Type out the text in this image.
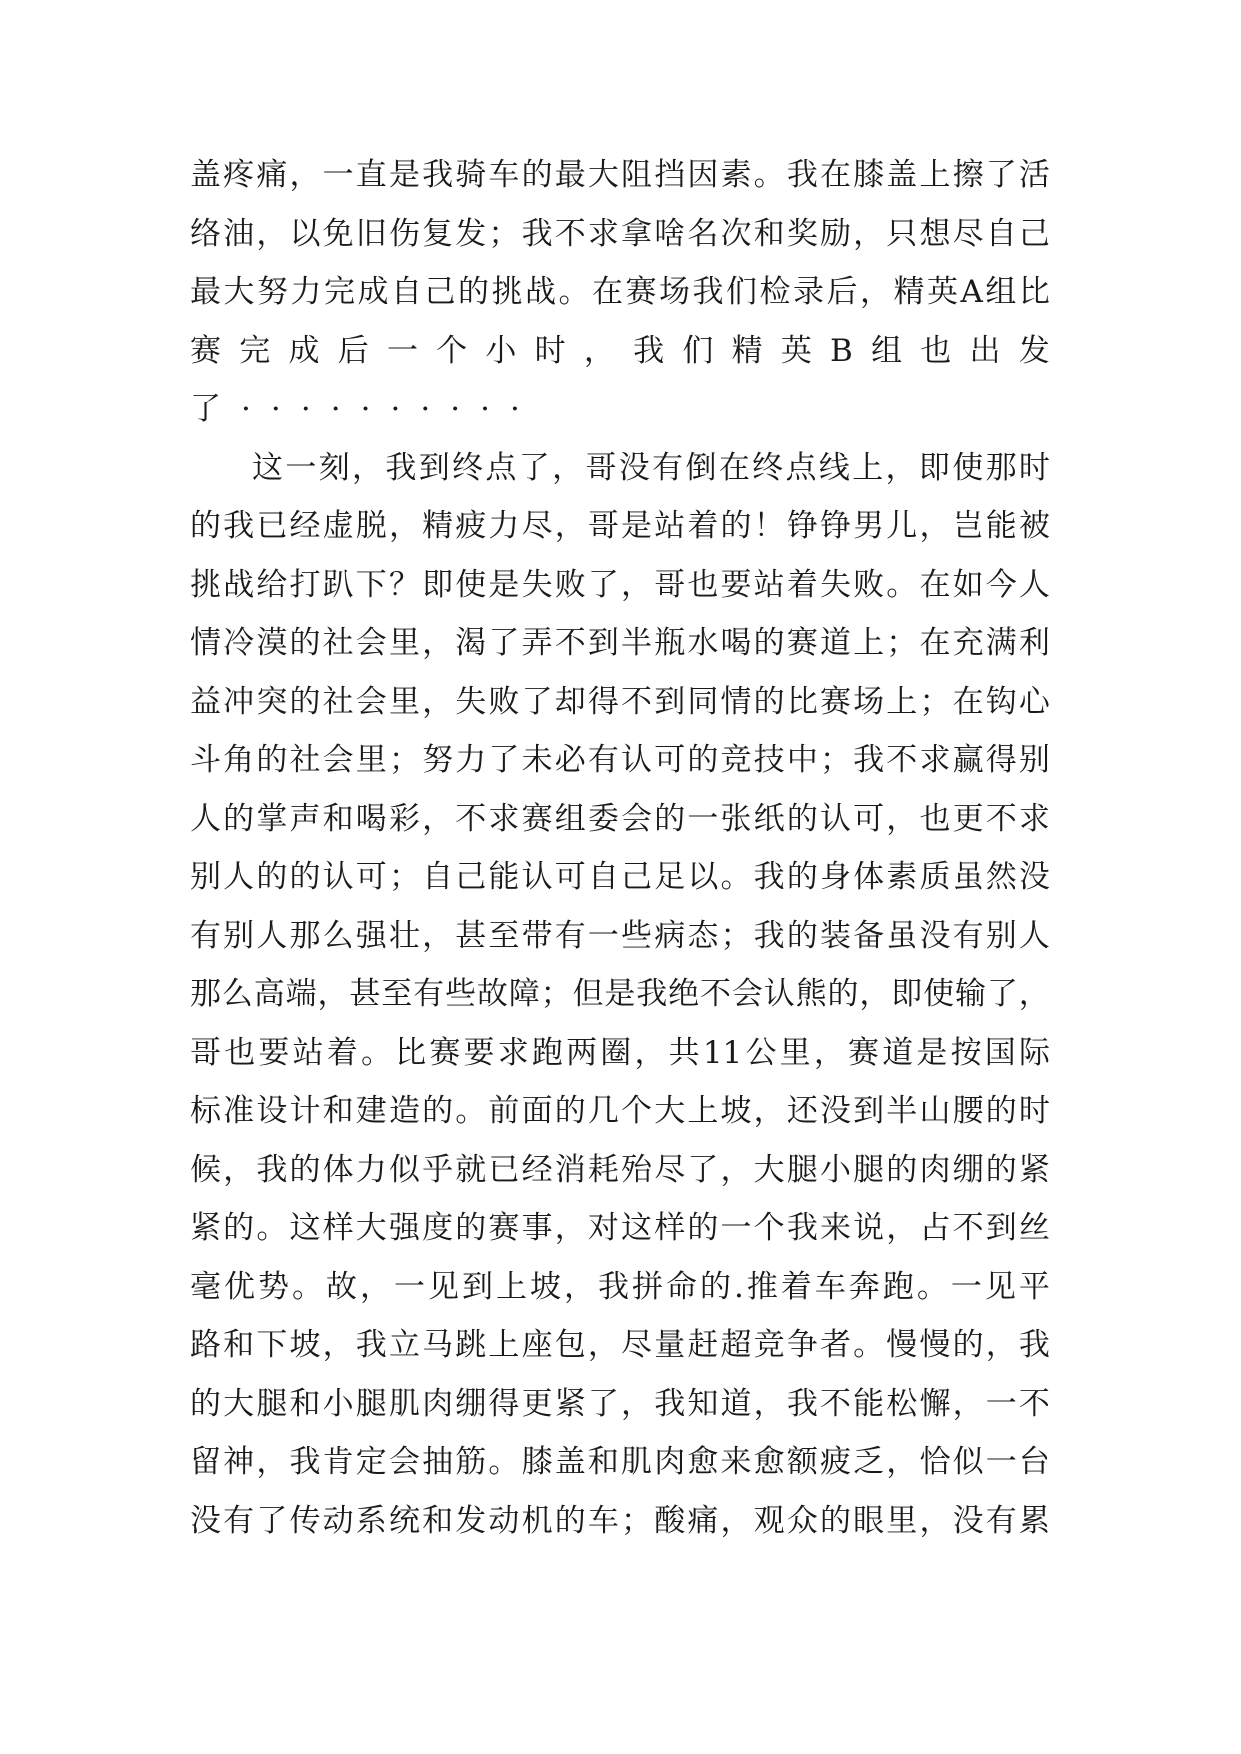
盖 疼 痛 ， 一 直 是 我 骑 车 的 最 大 阻 挡 因 素 。 我 在 膝 盖 上 擦 了 活
络 油 ， 以 免 旧 伤 复 发 ； 我 不 求 拿 啥 名 次 和 奖 励 ， 只 想 尽 自 己
最 大 努 力 完 成 自 己 的 挑 战 。 在 赛 场 我 们 检 录 后 ， 精 英 A 组 比
赛 完 成 后 一 个 小 时 ， 我 们 精 英 B 组 也 出 发
了 · · · · · · · · · ·
这 一 刻 ， 我 到 终 点 了 ， 哥 没 有 倒 在 终 点 线 上 ， 即 使 那 时
的 我 已 经 虚 脱 ， 精 疲 力 尽 ， 哥 是 站 着 的 ！ 铮 铮 男 儿 ， 岂 能 被
挑 战 给 打 趴 下 ？ 即 使 是 失 败 了 ， 哥 也 要 站 着 失 败 。 在 如 今 人
情 冷 漠 的 社 会 里 ， 渴 了 弄 不 到 半 瓶 水 喝 的 赛 道 上 ； 在 充 满 利
益 冲 突 的 社 会 里 ， 失 败 了 却 得 不 到 同 情 的 比 赛 场 上 ； 在 钩 心
斗 角 的 社 会 里 ； 努 力 了 未 必 有 认 可 的 竞 技 中 ； 我 不 求 赢 得 别
人 的 掌 声 和 喝 彩 ， 不 求 赛 组 委 会 的 一 张 纸 的 认 可 ， 也 更 不 求
别 人 的 的 认 可 ； 自 己 能 认 可 自 己 足 以 。 我 的 身 体 素 质 虽 然 没
有 别 人 那 么 强 壮 ， 甚 至 带 有 一 些 病 态 ； 我 的 装 备 虽 没 有 别 人
那 么 高 端 ， 甚 至 有 些 故 障 ； 但 是 我 绝 不 会 认 熊 的 ， 即 使 输 了 ，
哥 也 要 站 着 。 比 赛 要 求 跑 两 圈 ， 共 11 公 里 ， 赛 道 是 按 国 际
标 准 设 计 和 建 造 的 。 前 面 的 几 个 大 上 坡 ， 还 没 到 半 山 腰 的 时
候 ， 我 的 体 力 似 乎 就 已 经 消 耗 殆 尽 了 ， 大 腿 小 腿 的 肉 绷 的 紧
紧 的 。 这 样 大 强 度 的 赛 事 ， 对 这 样 的 一 个 我 来 说 ， 占 不 到 丝
毫 优 势 。 故 ， 一 见 到 上 坡 ， 我 拼 命 的 . 推 着 车 奔 跑 。 一 见 平
路 和 下 坡 ， 我 立 马 跳 上 座 包 ， 尽 量 赶 超 竞 争 者 。 慢 慢 的 ， 我
的 大 腿 和 小 腿 肌 肉 绷 得 更 紧 了 ， 我 知 道 ， 我 不 能 松 懈 ， 一 不
留 神 ， 我 肯 定 会 抽 筋 。 膝 盖 和 肌 肉 愈 来 愈 额 疲 乏 ， 恰 似 一 台
没 有 了 传 动 系 统 和 发 动 机 的 车 ； 酸 痛 ， 观 众 的 眼 里 ， 没 有 累
